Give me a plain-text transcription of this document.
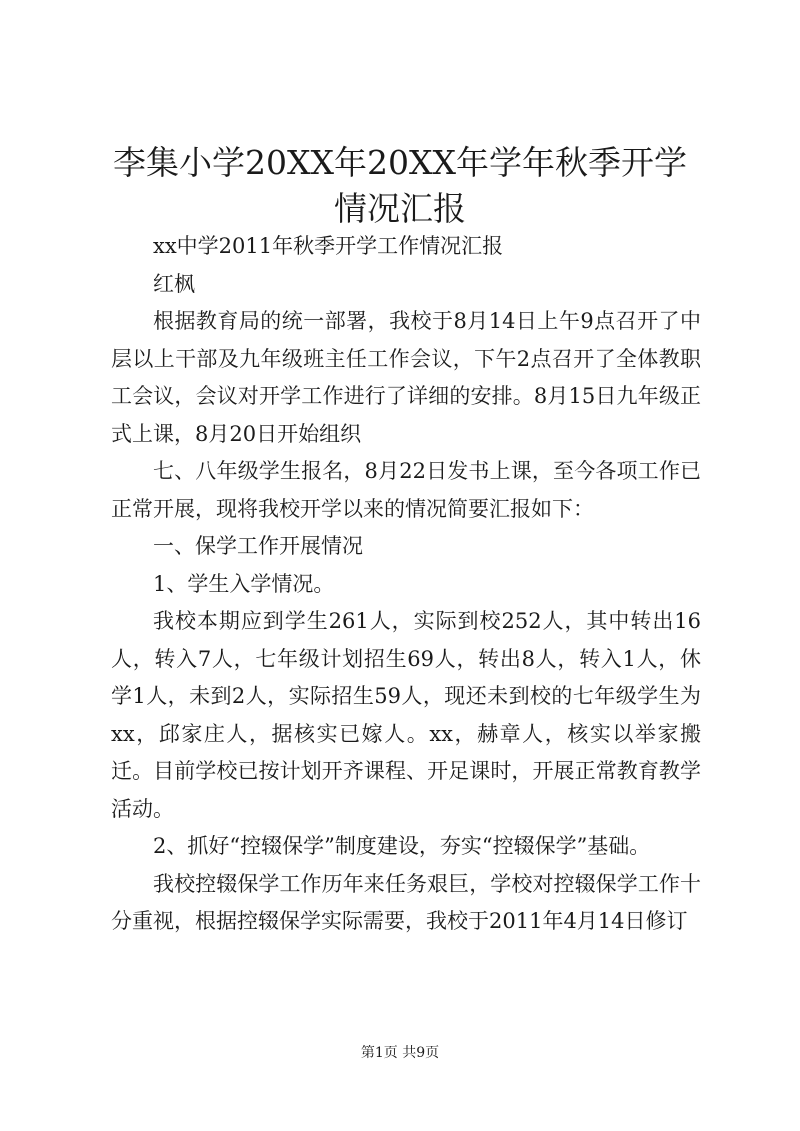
李集小学20XX年20XX年学年秋季开学情况汇报

xx中学2011年秋季开学工作情况汇报

红枫

根据教育局的统一部署，我校于8月14日上午9点召开了中层以上干部及九年级班主任工作会议，下午2点召开了全体教职工会议，会议对开学工作进行了详细的安排。8月15日九年级正式上课，8月20日开始组织

七、八年级学生报名，8月22日发书上课，至今各项工作已正常开展，现将我校开学以来的情况简要汇报如下：

一、保学工作开展情况

1、学生入学情况。

我校本期应到学生261人，实际到校252人，其中转出16人，转入7人，七年级计划招生69人，转出8人，转入1人，休学1人，未到2人，实际招生59人，现还未到校的七年级学生为xx，邱家庄人，据核实已嫁人。xx，赫章人，核实以举家搬迁。目前学校已按计划开齐课程、开足课时，开展正常教育教学活动。

2、抓好“控辍保学”制度建设，夯实“控辍保学”基础。

我校控辍保学工作历年来任务艰巨，学校对控辍保学工作十分重视，根据控辍保学实际需要，我校于2011年4月14日修订

第1页 共9页
